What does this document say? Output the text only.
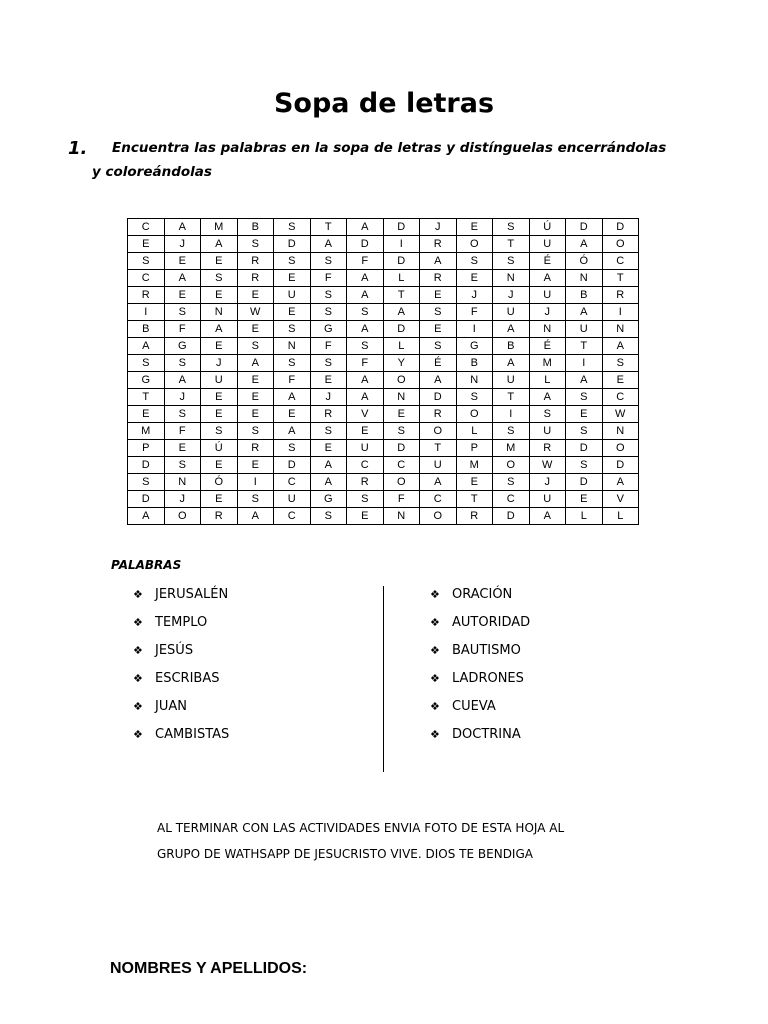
Sopa de letras
1. Encuentra las palabras en la sopa de letras y distínguelas encerrándolas
y coloreándolas
C	A	M	B	S	T	A	D	J	E	S	Ú	D	D
E	J	A	S	D	A	D	I	R	O	T	U	A	O
S	E	E	R	S	S	F	D	A	S	S	É	Ó	C
C	A	S	R	E	F	A	L	R	E	N	A	N	T
R	E	E	E	U	S	A	T	E	J	J	U	B	R
I	S	N	W	E	S	S	A	S	F	U	J	A	I
B	F	A	E	S	G	A	D	E	I	A	N	U	N
A	G	E	S	N	F	S	L	S	G	B	É	T	A
S	S	J	A	S	S	F	Y	É	B	A	M	I	S
G	A	U	E	F	E	A	O	A	N	U	L	A	E
T	J	E	E	A	J	A	N	D	S	T	A	S	C
E	S	E	E	E	R	V	E	R	O	I	S	E	W
M	F	S	S	A	S	E	S	O	L	S	U	S	N
P	E	Ú	R	S	E	U	D	T	P	M	R	D	O
D	S	E	E	D	A	C	C	U	M	O	W	S	D
S	N	Ó	I	C	A	R	O	A	E	S	J	D	A
D	J	E	S	U	G	S	F	C	T	C	U	E	V
A	O	R	A	C	S	E	N	O	R	D	A	L	L
PALABRAS
❖ JERUSALÉN
❖ TEMPLO
❖ JESÚS
❖ ESCRIBAS
❖ JUAN
❖ CAMBISTAS
❖ ORACIÓN
❖ AUTORIDAD
❖ BAUTISMO
❖ LADRONES
❖ CUEVA
❖ DOCTRINA
AL TERMINAR CON LAS ACTIVIDADES ENVIA FOTO DE ESTA HOJA AL
GRUPO DE WATHSAPP DE JESUCRISTO VIVE. DIOS TE BENDIGA
NOMBRES Y APELLIDOS:
